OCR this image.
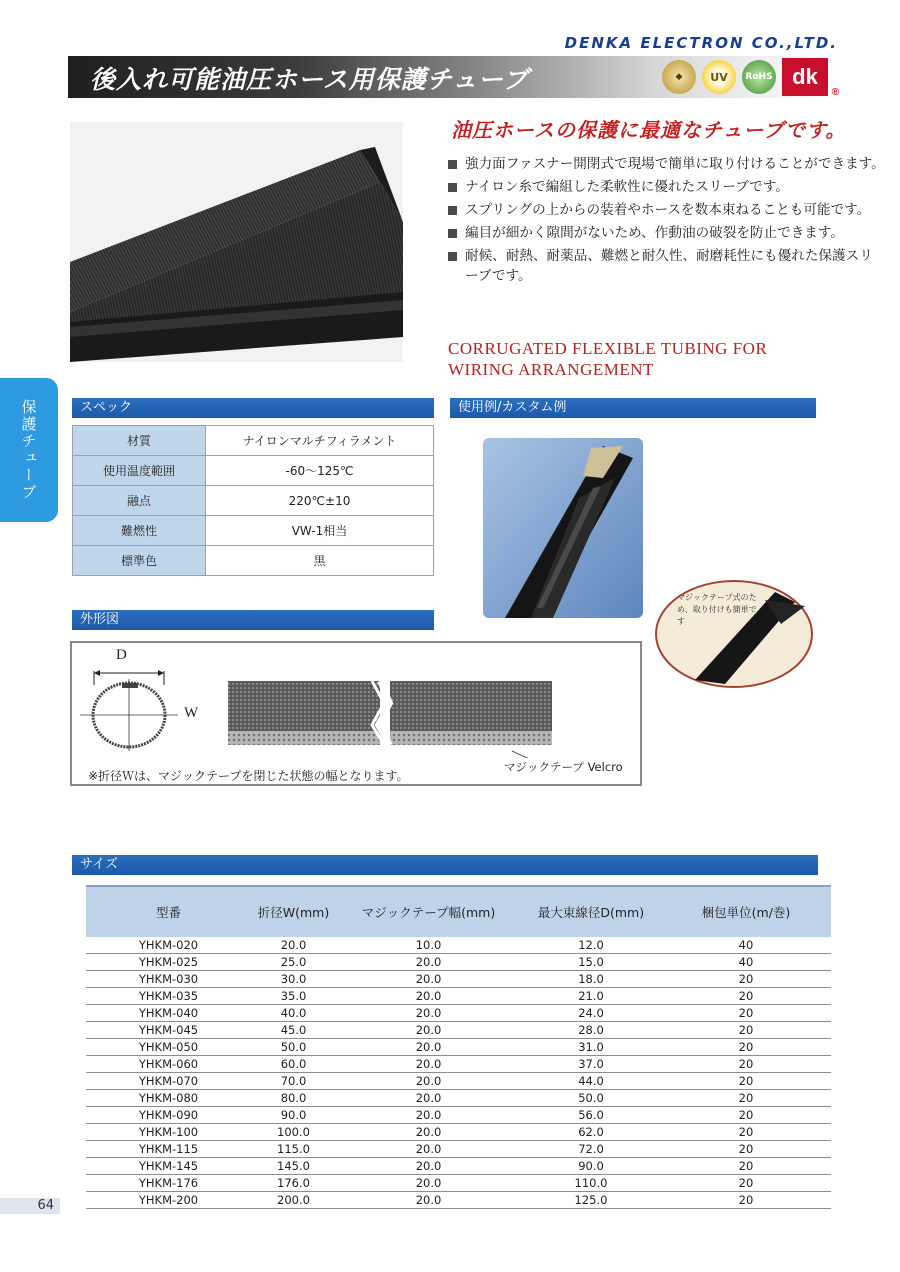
DENKA ELECTRON CO.,LTD.
後入れ可能油圧ホース用保護チューブ	◆	UV	RoHS dk
®
保護チューブ
油圧ホースの保護に最適なチューブです。
強力面ファスナー開閉式で現場で簡単に取り付けることができます。
ナイロン糸で編組した柔軟性に優れたスリーブです。
スプリングの上からの装着やホースを数本束ねることも可能です。
編目が細かく隙間がないため、作動油の破裂を防止できます。
耐候、耐熱、耐薬品、難燃と耐久性、耐磨耗性にも優れた保護スリーブです。
CORRUGATED FLEXIBLE TUBING FOR
WIRING ARRANGEMENT
スペック
材質	ナイロンマルチフィラメント
使用温度範囲	-60～125℃
融点	220℃±10
難燃性	VW-1相当
標準色	黒
使用例/カスタム例
マジックテープ式のため、取り付けも簡単です
外形図
D
W
※折径Ｗは、マジックテープを閉じた状態の幅となります。
マジックテープ Velcro
サイズ
型番	折径W(mm)	マジックテープ幅(mm)	最大束線径D(mm)	梱包単位(m/巻)
YHKM-020	20.0	10.0	12.0	40
YHKM-025	25.0	20.0	15.0	40
YHKM-030	30.0	20.0	18.0	20
YHKM-035	35.0	20.0	21.0	20
YHKM-040	40.0	20.0	24.0	20
YHKM-045	45.0	20.0	28.0	20
YHKM-050	50.0	20.0	31.0	20
YHKM-060	60.0	20.0	37.0	20
YHKM-070	70.0	20.0	44.0	20
YHKM-080	80.0	20.0	50.0	20
YHKM-090	90.0	20.0	56.0	20
YHKM-100	100.0	20.0	62.0	20
YHKM-115	115.0	20.0	72.0	20
YHKM-145	145.0	20.0	90.0	20
YHKM-176	176.0	20.0	110.0	20
YHKM-200	200.0	20.0	125.0	20
64
